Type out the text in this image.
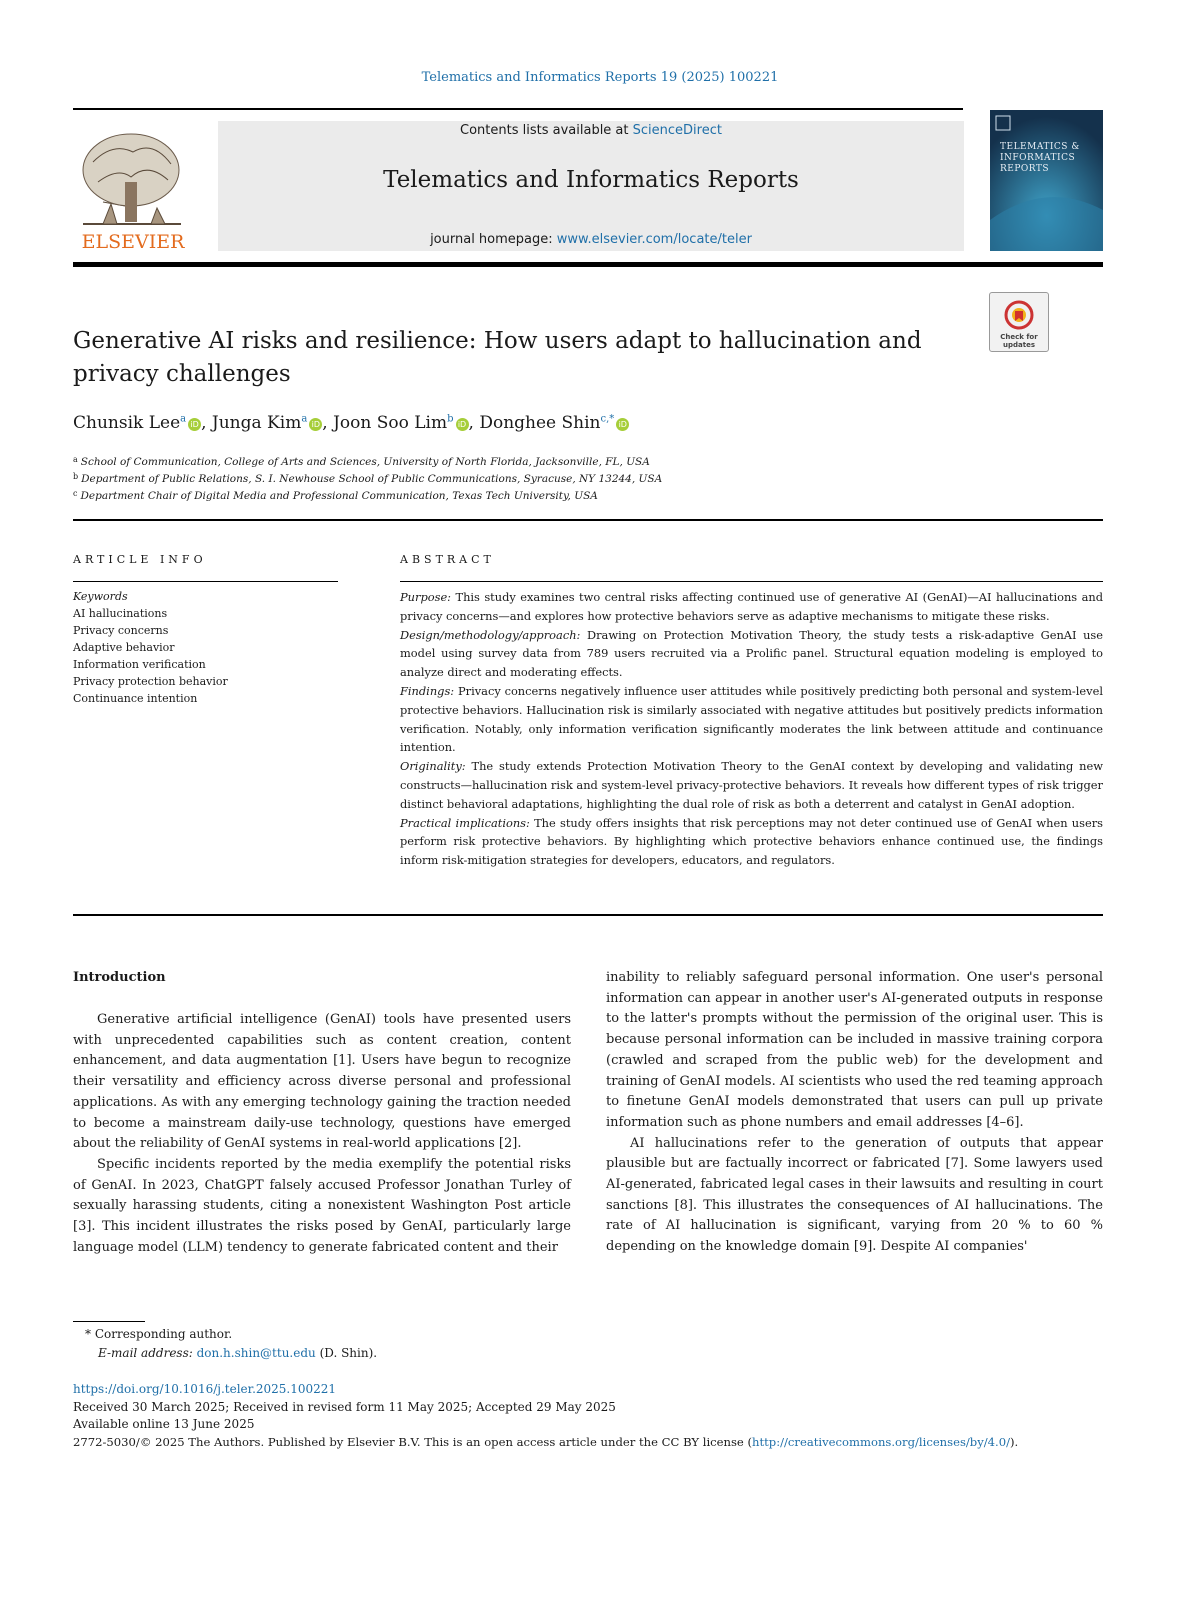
Telematics and Informatics Reports 19 (2025) 100221
ELSEVIER
Contents lists available at ScienceDirect
Telematics and Informatics Reports
journal homepage: www.elsevier.com/locate/teler
TELEMATICS & INFORMATICS REPORTS
Generative AI risks and resilience: How users adapt to hallucination and privacy challenges
Check for updates
Chunsik Lee$^a$iD , Junga Kim$^a$iD , Joon Soo Lim$^b$iD , Donghee Shin$^{c,*}$iD
$^a$ School of Communication, College of Arts and Sciences, University of North Florida, Jacksonville, FL, USA
$^b$ Department of Public Relations, S. I. Newhouse School of Public Communications, Syracuse, NY 13244, USA
$^c$ Department Chair of Digital Media and Professional Communication, Texas Tech University, USA
ARTICLE INFO	ABSTRACT
Keywords
AI hallucinations
Privacy concerns
Adaptive behavior
Information verification
Privacy protection behavior
Continuance intention

Purpose: This study examines two central risks affecting continued use of generative AI (GenAI)—AI hallucinations and privacy concerns—and explores how protective behaviors serve as adaptive mechanisms to mitigate these risks.

Design/methodology/approach: Drawing on Protection Motivation Theory, the study tests a risk-adaptive GenAI use model using survey data from 789 users recruited via a Prolific panel. Structural equation modeling is employed to analyze direct and moderating effects.

Findings: Privacy concerns negatively influence user attitudes while positively predicting both personal and system-level protective behaviors. Hallucination risk is similarly associated with negative attitudes but positively predicts information verification. Notably, only information verification significantly moderates the link between attitude and continuance intention.

Originality: The study extends Protection Motivation Theory to the GenAI context by developing and validating new constructs—hallucination risk and system-level privacy-protective behaviors. It reveals how different types of risk trigger distinct behavioral adaptations, highlighting the dual role of risk as both a deterrent and catalyst in GenAI adoption.

Practical implications: The study offers insights that risk perceptions may not deter continued use of GenAI when users perform risk protective behaviors. By highlighting which protective behaviors enhance continued use, the findings inform risk-mitigation strategies for developers, educators, and regulators.

Introduction

Generative artificial intelligence (GenAI) tools have presented users with unprecedented capabilities such as content creation, content enhancement, and data augmentation [1]. Users have begun to recognize their versatility and efficiency across diverse personal and professional applications. As with any emerging technology gaining the traction needed to become a mainstream daily-use technology, questions have emerged about the reliability of GenAI systems in real-world applications [2].

Specific incidents reported by the media exemplify the potential risks of GenAI. In 2023, ChatGPT falsely accused Professor Jonathan Turley of sexually harassing students, citing a nonexistent Washington Post article [3]. This incident illustrates the risks posed by GenAI, particularly large language model (LLM) tendency to generate fabricated content and their

inability to reliably safeguard personal information. One user's personal information can appear in another user's AI-generated outputs in response to the latter's prompts without the permission of the original user. This is because personal information can be included in massive training corpora (crawled and scraped from the public web) for the development and training of GenAI models. AI scientists who used the red teaming approach to finetune GenAI models demonstrated that users can pull up private information such as phone numbers and email addresses [4–6].

AI hallucinations refer to the generation of outputs that appear plausible but are factually incorrect or fabricated [7]. Some lawyers used AI-generated, fabricated legal cases in their lawsuits and resulting in court sanctions [8]. This illustrates the consequences of AI hallucinations. The rate of AI hallucination is significant, varying from 20 % to 60 % depending on the knowledge domain [9]. Despite AI companies'

* Corresponding author.
E-mail address: don.h.shin@ttu.edu (D. Shin).
https://doi.org/10.1016/j.teler.2025.100221
Received 30 March 2025; Received in revised form 11 May 2025; Accepted 29 May 2025
Available online 13 June 2025
2772-5030/© 2025 The Authors. Published by Elsevier B.V. This is an open access article under the CC BY license (http://creativecommons.org/licenses/by/4.0/).
